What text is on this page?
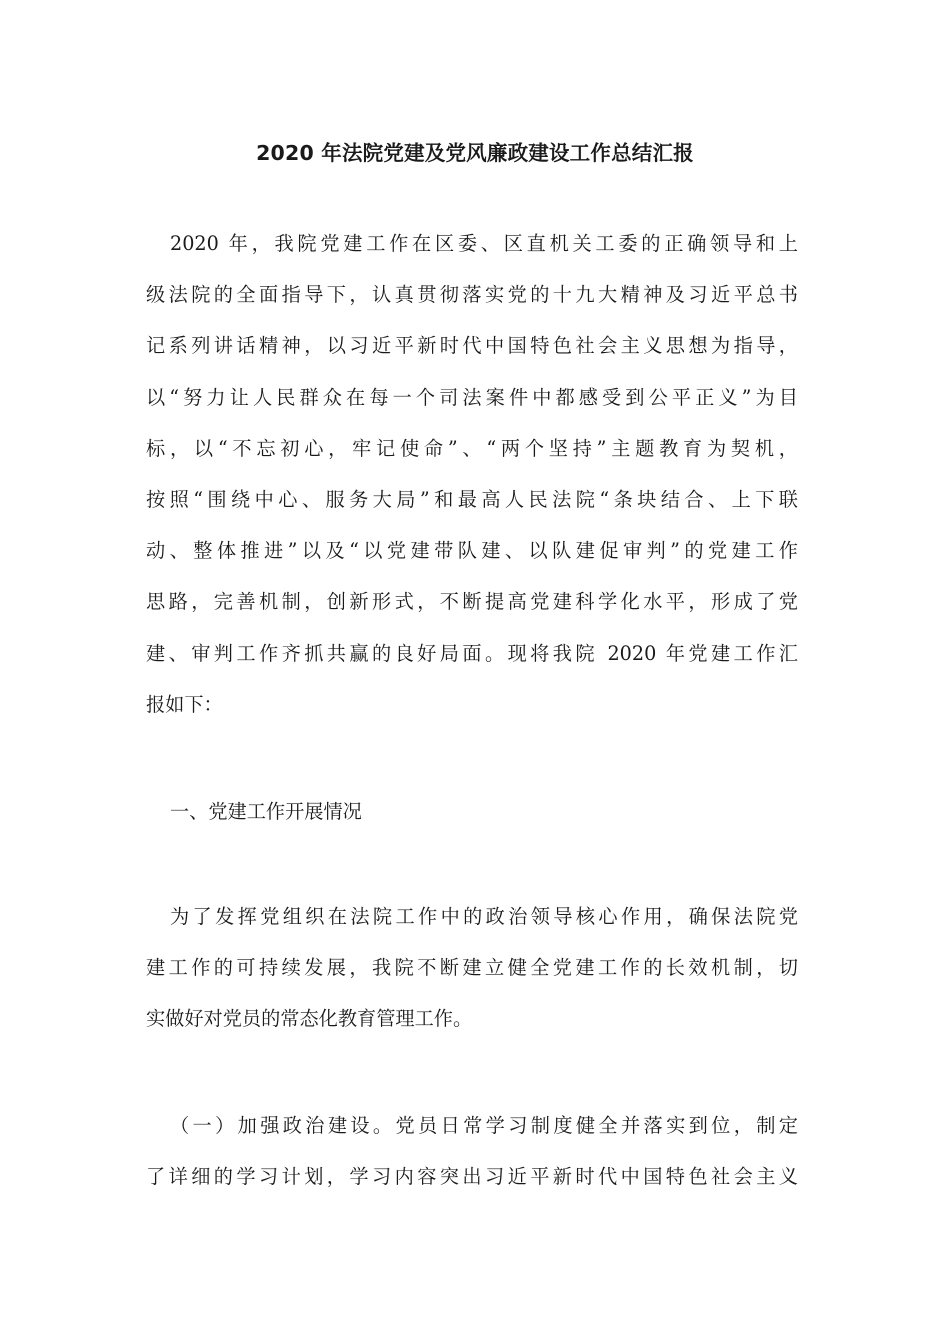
2020 年法院党建及党风廉政建设工作总结汇报
2020 年，我院党建工作在区委、区直机关工委的正确领导和上
级法院的全面指导下，认真贯彻落实党的十九大精神及习近平总书
记系列讲话精神，以习近平新时代中国特色社会主义思想为指导，
以“努力让人民群众在每一个司法案件中都感受到公平正义”为目
标，以“不忘初心，牢记使命”、“两个坚持”主题教育为契机，
按照“围绕中心、服务大局”和最高人民法院“条块结合、上下联
动、整体推进”以及“以党建带队建、以队建促审判”的党建工作
思路，完善机制，创新形式，不断提高党建科学化水平，形成了党
建、审判工作齐抓共赢的良好局面。现将我院 2020 年党建工作汇
报如下：
一、党建工作开展情况
为了发挥党组织在法院工作中的政治领导核心作用，确保法院党
建工作的可持续发展，我院不断建立健全党建工作的长效机制，切
实做好对党员的常态化教育管理工作。
（一）加强政治建设。党员日常学习制度健全并落实到位，制定
了详细的学习计划，学习内容突出习近平新时代中国特色社会主义
